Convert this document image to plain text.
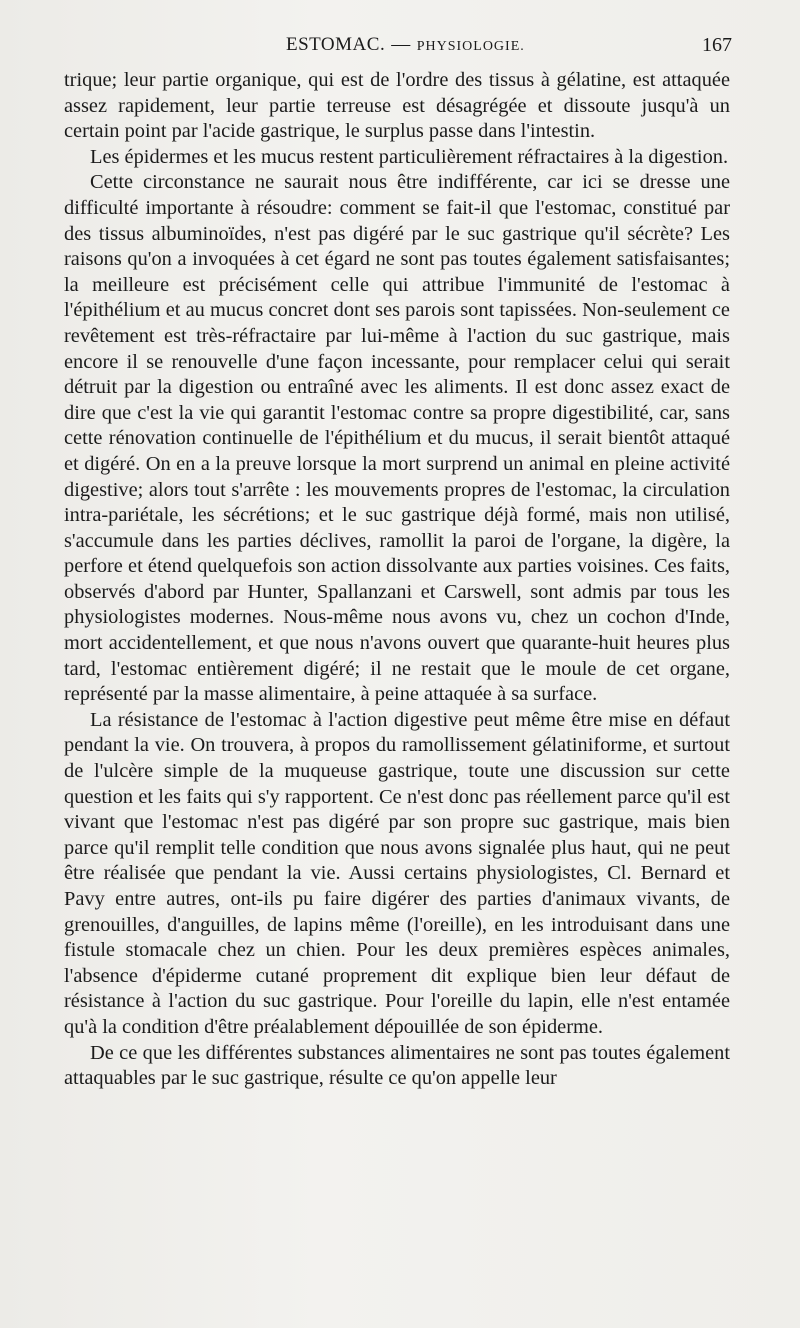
ESTOMAC. — PHYSIOLOGIE.	167

trique; leur partie organique, qui est de l'ordre des tissus à gélatine, est attaquée assez rapidement, leur partie terreuse est désagrégée et dissoute jusqu'à un certain point par l'acide gastrique, le surplus passe dans l'intestin.

Les épidermes et les mucus restent particulièrement réfractaires à la digestion.

Cette circonstance ne saurait nous être indifférente, car ici se dresse une difficulté importante à résoudre: comment se fait-il que l'estomac, constitué par des tissus albuminoïdes, n'est pas digéré par le suc gastrique qu'il sécrète? Les raisons qu'on a invoquées à cet égard ne sont pas toutes également satisfaisantes; la meilleure est précisément celle qui attribue l'immunité de l'estomac à l'épithélium et au mucus concret dont ses parois sont tapissées. Non-seulement ce revêtement est très-réfractaire par lui-même à l'action du suc gastrique, mais encore il se renouvelle d'une façon incessante, pour remplacer celui qui serait détruit par la digestion ou entraîné avec les aliments. Il est donc assez exact de dire que c'est la vie qui garantit l'estomac contre sa propre digestibilité, car, sans cette rénovation continuelle de l'épithélium et du mucus, il serait bientôt attaqué et digéré. On en a la preuve lorsque la mort surprend un animal en pleine activité digestive; alors tout s'arrête : les mouvements propres de l'estomac, la circulation intra-pariétale, les sécrétions; et le suc gastrique déjà formé, mais non utilisé, s'accumule dans les parties déclives, ramollit la paroi de l'organe, la digère, la perfore et étend quelquefois son action dissolvante aux parties voisines. Ces faits, observés d'abord par Hunter, Spallanzani et Carswell, sont admis par tous les physiologistes modernes. Nous-même nous avons vu, chez un cochon d'Inde, mort accidentellement, et que nous n'avons ouvert que quarante-huit heures plus tard, l'estomac entièrement digéré; il ne restait que le moule de cet organe, représenté par la masse alimentaire, à peine attaquée à sa surface.

La résistance de l'estomac à l'action digestive peut même être mise en défaut pendant la vie. On trouvera, à propos du ramollissement gélatiniforme, et surtout de l'ulcère simple de la muqueuse gastrique, toute une discussion sur cette question et les faits qui s'y rapportent. Ce n'est donc pas réellement parce qu'il est vivant que l'estomac n'est pas digéré par son propre suc gastrique, mais bien parce qu'il remplit telle condition que nous avons signalée plus haut, qui ne peut être réalisée que pendant la vie. Aussi certains physiologistes, Cl. Bernard et Pavy entre autres, ont-ils pu faire digérer des parties d'animaux vivants, de grenouilles, d'anguilles, de lapins même (l'oreille), en les introduisant dans une fistule stomacale chez un chien. Pour les deux premières espèces animales, l'absence d'épiderme cutané proprement dit explique bien leur défaut de résistance à l'action du suc gastrique. Pour l'oreille du lapin, elle n'est entamée qu'à la condition d'être préalablement dépouillée de son épiderme.

De ce que les différentes substances alimentaires ne sont pas toutes également attaquables par le suc gastrique, résulte ce qu'on appelle leur
